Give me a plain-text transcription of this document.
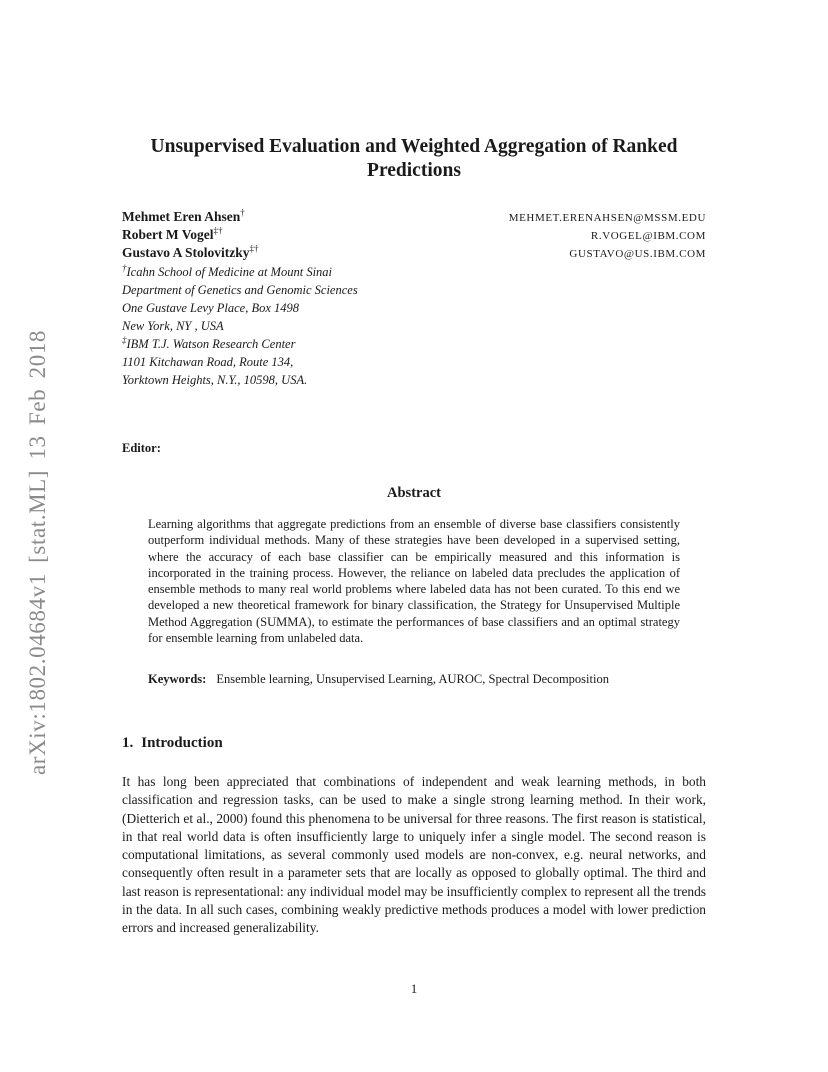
arXiv:1802.04684v1 [stat.ML] 13 Feb 2018
Unsupervised Evaluation and Weighted Aggregation of Ranked Predictions
Mehmet Eren Ahsen†	MEHMET.ERENAHSEN@MSSM.EDU
Robert M Vogel‡†	R.VOGEL@IBM.COM
Gustavo A Stolovitzky‡†	GUSTAVO@US.IBM.COM
†Icahn School of Medicine at Mount Sinai
Department of Genetics and Genomic Sciences
One Gustave Levy Place, Box 1498
New York, NY , USA
‡IBM T.J. Watson Research Center
1101 Kitchawan Road, Route 134,
Yorktown Heights, N.Y., 10598, USA.
Editor:
Abstract
Learning algorithms that aggregate predictions from an ensemble of diverse base classifiers consistently outperform individual methods. Many of these strategies have been developed in a supervised setting, where the accuracy of each base classifier can be empirically measured and this information is incorporated in the training process. However, the reliance on labeled data precludes the application of ensemble methods to many real world problems where labeled data has not been curated. To this end we developed a new theoretical framework for binary classification, the Strategy for Unsupervised Multiple Method Aggregation (SUMMA), to estimate the performances of base classifiers and an optimal strategy for ensemble learning from unlabeled data.
Keywords: Ensemble learning, Unsupervised Learning, AUROC, Spectral Decomposition
1. Introduction
It has long been appreciated that combinations of independent and weak learning methods, in both classification and regression tasks, can be used to make a single strong learning method. In their work, (Dietterich et al., 2000) found this phenomena to be universal for three reasons. The first reason is statistical, in that real world data is often insufficiently large to uniquely infer a single model. The second reason is computational limitations, as several commonly used models are non-convex, e.g. neural networks, and consequently often result in a parameter sets that are locally as opposed to globally optimal. The third and last reason is representational: any individual model may be insufficiently complex to represent all the trends in the data. In all such cases, combining weakly predictive methods produces a model with lower prediction errors and increased generalizability.
1
